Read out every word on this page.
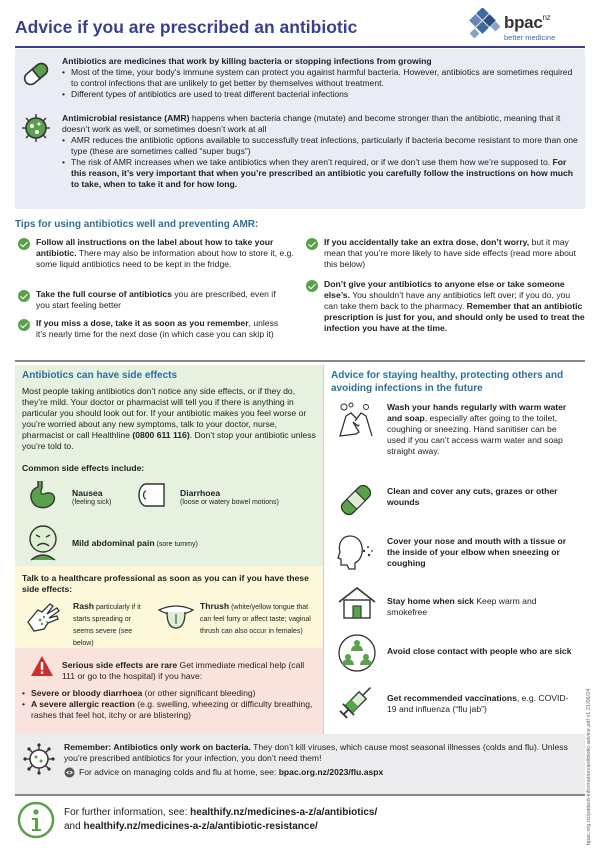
Advice if you are prescribed an antibiotic	bpac$^{nz}$
better medicine
Antibiotics are medicines that work by killing bacteria or stopping infections from growing
• Most of the time, your body’s immune system can protect you against harmful bacteria. However, antibiotics are sometimes required to control infections that are unlikely to get better by themselves without treatment.
• Different types of antibiotics are used to treat different bacterial infections
Antimicrobial resistance (AMR) happens when bacteria change (mutate) and become stronger than the antibiotic, meaning that it doesn’t work as well, or sometimes doesn’t work at all
• AMR reduces the antibiotic options available to successfully treat infections, particularly if bacteria become resistant to more than one type (these are sometimes called “super bugs”)
• The risk of AMR increases when we take antibiotics when they aren’t required, or if we don’t use them how we’re supposed to. For this reason, it’s very important that when you’re prescribed an antibiotic you carefully follow the instructions on how much to take, when to take it and for how long.
Tips for using antibiotics well and preventing AMR:
Follow all instructions on the label about how to take your antibiotic. There may also be information about how to store it, e.g. some liquid antibiotics need to be kept in the fridge.
Take the full course of antibiotics you are prescribed, even if you start feeling better
If you miss a dose, take it as soon as you remember, unless it’s nearly time for the next dose (in which case you can skip it)
If you accidentally take an extra dose, don’t worry, but it may mean that you’re more likely to have side effects (read more about this below)
Don’t give your antibiotics to anyone else or take someone else’s. You shouldn’t have any antibiotics left over; if you do, you can take them back to the pharmacy. Remember that an antibiotic prescription is just for you, and should only be used to treat the infection you have at the time.
Antibiotics can have side effects
Most people taking antibiotics don’t notice any side effects, or if they do, they’re mild. Your doctor or pharmacist will tell you if there is anything in particular you should look out for. If your antibiotic makes you feel worse or you’re worried about any new symptoms, talk to your doctor, nurse, pharmacist or call Healthline (0800 611 116). Don’t stop your antibiotic unless you’re told to.
Common side effects include:
Nausea
(feeling sick)
Diarrhoea
(loose or watery bowel motions)
Mild abdominal pain (sore tummy)
Talk to a healthcare professional as soon as you can if you have these side effects:
Rash particularly if it starts spreading or seems severe (see below)
Thrush (white/yellow tongue that can feel furry or affect taste; vaginal thrush can also occur in females)
Serious side effects are rare Get immediate medical help (call 111 or go to the hospital) if you have:
• Severe or bloody diarrhoea (or other significant bleeding)
• A severe allergic reaction (e.g. swelling, wheezing or difficulty breathing, rashes that feel hot, itchy or are blistering)
Advice for staying healthy, protecting others and avoiding infections in the future
Wash your hands regularly with warm water and soap, especially after going to the toilet, coughing or sneezing. Hand sanitiser can be used if you can’t access warm water and soap straight away.
Clean and cover any cuts, grazes or other wounds
Cover your nose and mouth with a tissue or the inside of your elbow when sneezing or coughing
Stay home when sick Keep warm and smokefree
Avoid close contact with people who are sick
Get recommended vaccinations, e.g. COVID-19 and influenza (“flu jab”)
Remember: Antibiotics only work on bacteria. They don’t kill viruses, which cause most seasonal illnesses (colds and flu). Unless you’re prescribed antibiotics for your infection, you don’t need them!
For advice on managing colds and flu at home, see: bpac.org.nz/2023/flu.aspx
For further information, see: healthify.nz/medicines-a-z/a/antibiotics/
and healthify.nz/medicines-a-z/a/antibiotic-resistance/	bpac.org.nz/patient-information/antibiotic-advice.pdf v1 21/06/24
